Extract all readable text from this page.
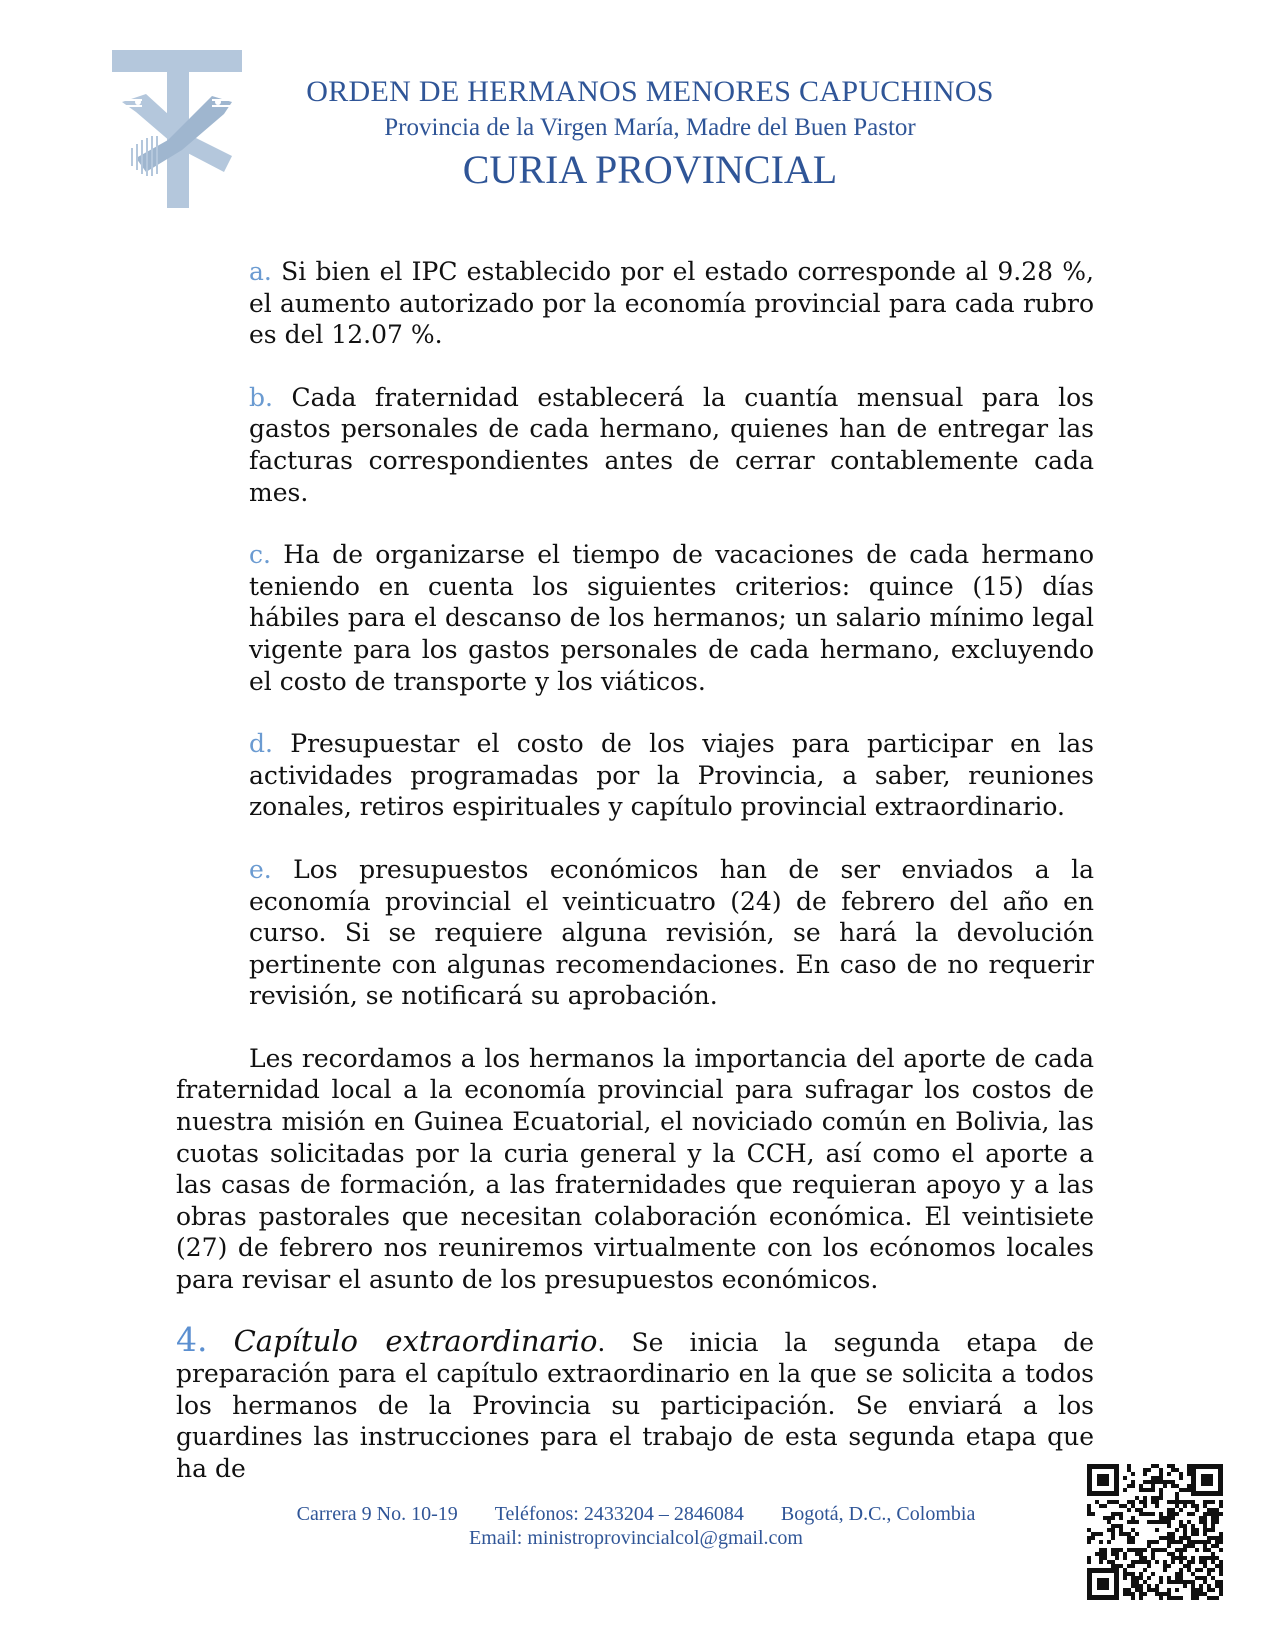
ORDEN DE HERMANOS MENORES CAPUCHINOS
Provincia de la Virgen María, Madre del Buen Pastor
CURIA PROVINCIAL
a. Si bien el IPC establecido por el estado corresponde al 9.28 %, el aumento autorizado por la economía provincial para cada rubro es del 12.07 %.
b. Cada fraternidad establecerá la cuantía mensual para los gastos personales de cada hermano, quienes han de entregar las facturas correspondientes antes de cerrar contablemente cada mes.
c. Ha de organizarse el tiempo de vacaciones de cada hermano teniendo en cuenta los siguientes criterios: quince (15) días hábiles para el descanso de los hermanos; un salario mínimo legal vigente para los gastos personales de cada hermano, excluyendo el costo de transporte y los viáticos.
d. Presupuestar el costo de los viajes para participar en las actividades programadas por la Provincia, a saber, reuniones zonales, retiros espirituales y capítulo provincial extraordinario.
e. Los presupuestos económicos han de ser enviados a la economía provincial el veinticuatro (24) de febrero del año en curso. Si se requiere alguna revisión, se hará la devolución pertinente con algunas recomendaciones. En caso de no requerir revisión, se notificará su aprobación.

Les recordamos a los hermanos la importancia del aporte de cada fraternidad local a la economía provincial para sufragar los costos de nuestra misión en Guinea Ecuatorial, el noviciado común en Bolivia, las cuotas solicitadas por la curia general y la CCH, así como el aporte a las casas de formación, a las fraternidades que requieran apoyo y a las obras pastorales que necesitan colaboración económica. El veintisiete (27) de febrero nos reuniremos virtualmente con los ecónomos locales para revisar el asunto de los presupuestos económicos.

4. Capítulo extraordinario. Se inicia la segunda etapa de preparación para el capítulo extraordinario en la que se solicita a todos los hermanos de la Provincia su participación. Se enviará a los guardines las instrucciones para el trabajo de esta segunda etapa que ha de

Carrera 9 No. 10-19 Teléfonos: 2433204 – 2846084 Bogotá, D.C., Colombia
Email: ministroprovincialcol@gmail.com
